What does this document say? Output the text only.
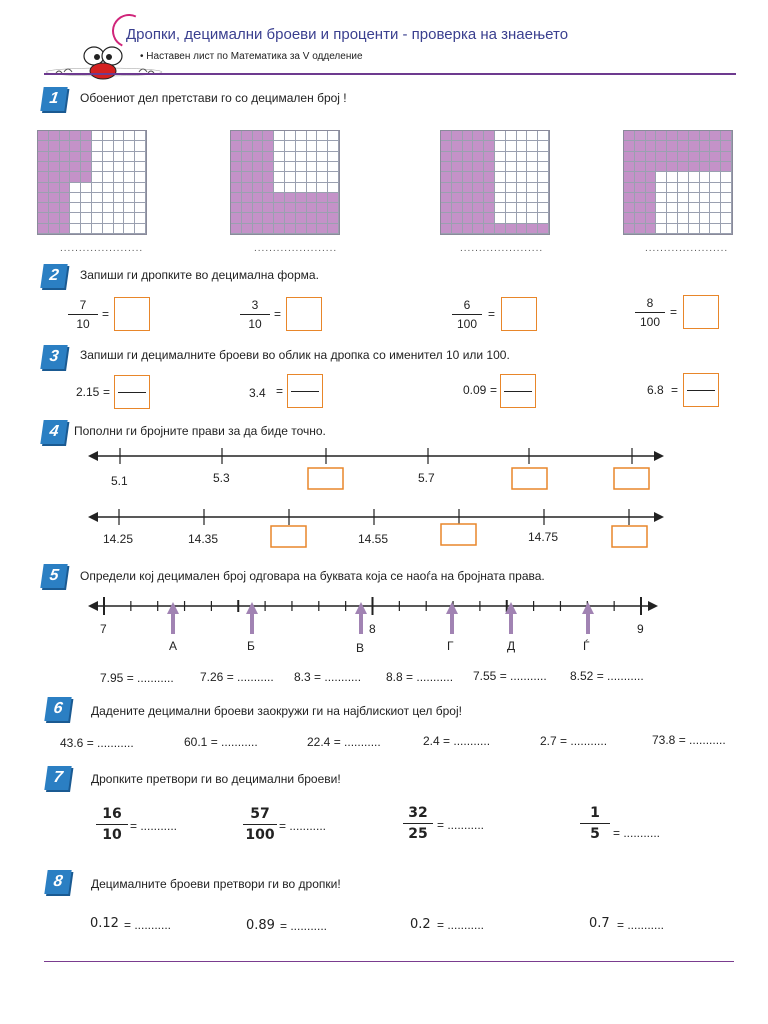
Дропки, децимални броеви и проценти - проверка на знаењето
• Наставен лист по Математика за V одделение
1	Обоениот дел претстави го со децимален број !
......................	......................	......................	......................
2	Запиши ги дропките во децимална форма.
7
10
=
3
10
=
6
100
=
8
100
=
3	Запиши ги децималните броеви во облик на дропка со именител 10 или 100.
2.15 =	3.4 =	0.09 =	6.8 =
4	Пополни ги бројните прави за да биде точно.
5.1	5.3	5.7
14.25	14.35	14.55	14.75
5	Определи кој децимален број одговара на буквата која се наоѓа на бројната права.
7	8	9
А	Б	В	Г	Д	Ѓ
7.95 = ........... 7.26 = ........... 8.3 = ........... 8.8 = ........... 7.55 = ........... 8.52 = ...........
6	Дадените децимални броеви заокружи ги на најблискиот цел број!
43.6 = ...........	60.1 = ...........	22.4 = ...........	2.4 = ...........	2.7 = ...........	73.8 = ...........
7	Дропките претвори ги во децимални броеви!
16
10
= ...........
57
100
= ...........
32
25
= ...........
1
5	= ...........
8	Децималните броеви претвори ги во дропки!
0.12 = ...........	0.89 = ...........	0.2 = ...........	0.7 = ...........
